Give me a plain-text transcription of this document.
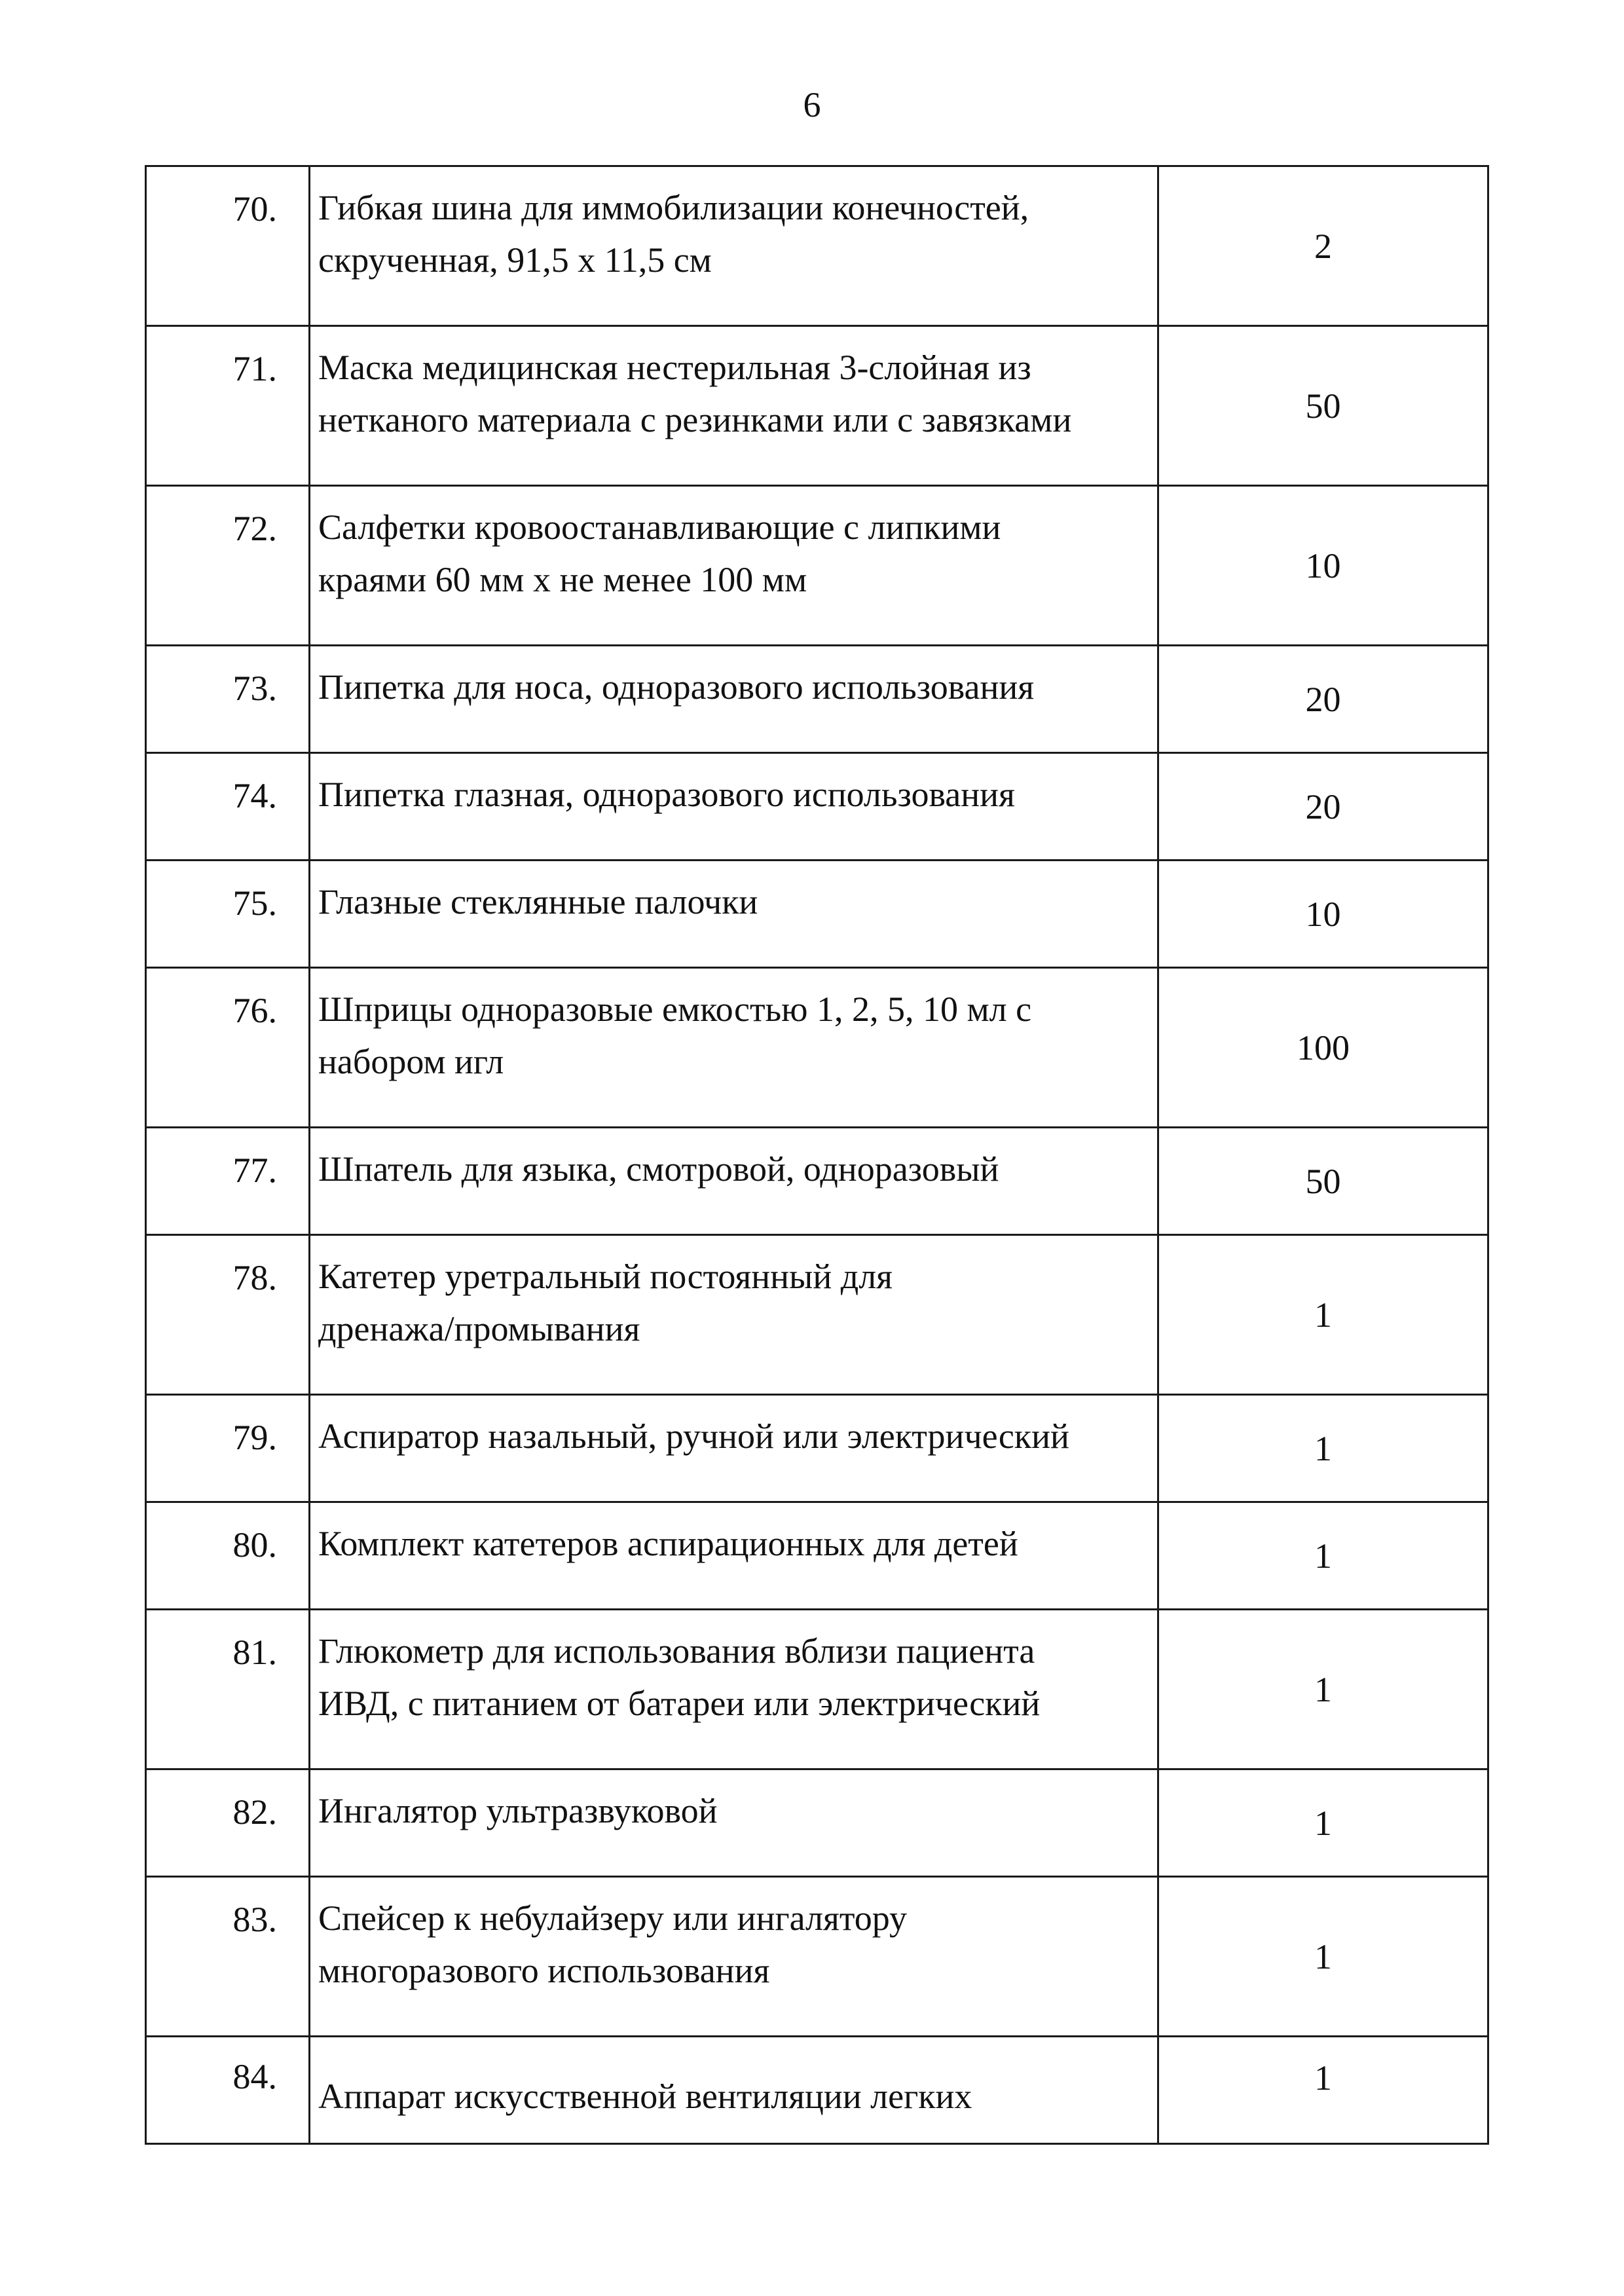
6
70.	Гибкая шина для иммобилизации конечностей,
скрученная, 91,5 х 11,5 см	2
71.	Маска медицинская нестерильная 3-слойная из
нетканого материала с резинками или с завязками	50
72.	Салфетки кровоостанавливающие с липкими
краями 60 мм х не менее 100 мм	10
73.	Пипетка для носа, одноразового использования	20
74.	Пипетка глазная, одноразового использования	20
75.	Глазные стеклянные палочки	10
76.	Шприцы одноразовые емкостью 1, 2, 5, 10 мл с
набором игл	100
77.	Шпатель для языка, смотровой, одноразовый	50
78.	Катетер уретральный постоянный для
дренажа/промывания	1
79.	Аспиратор назальный, ручной или электрический	1
80.	Комплект катетеров аспирационных для детей	1
81.	Глюкометр для использования вблизи пациента
ИВД, с питанием от батареи или электрический	1
82.	Ингалятор ультразвуковой	1
83.	Спейсер к небулайзеру или ингалятору
многоразового использования	1
84.	Аппарат искусственной вентиляции легких	1
